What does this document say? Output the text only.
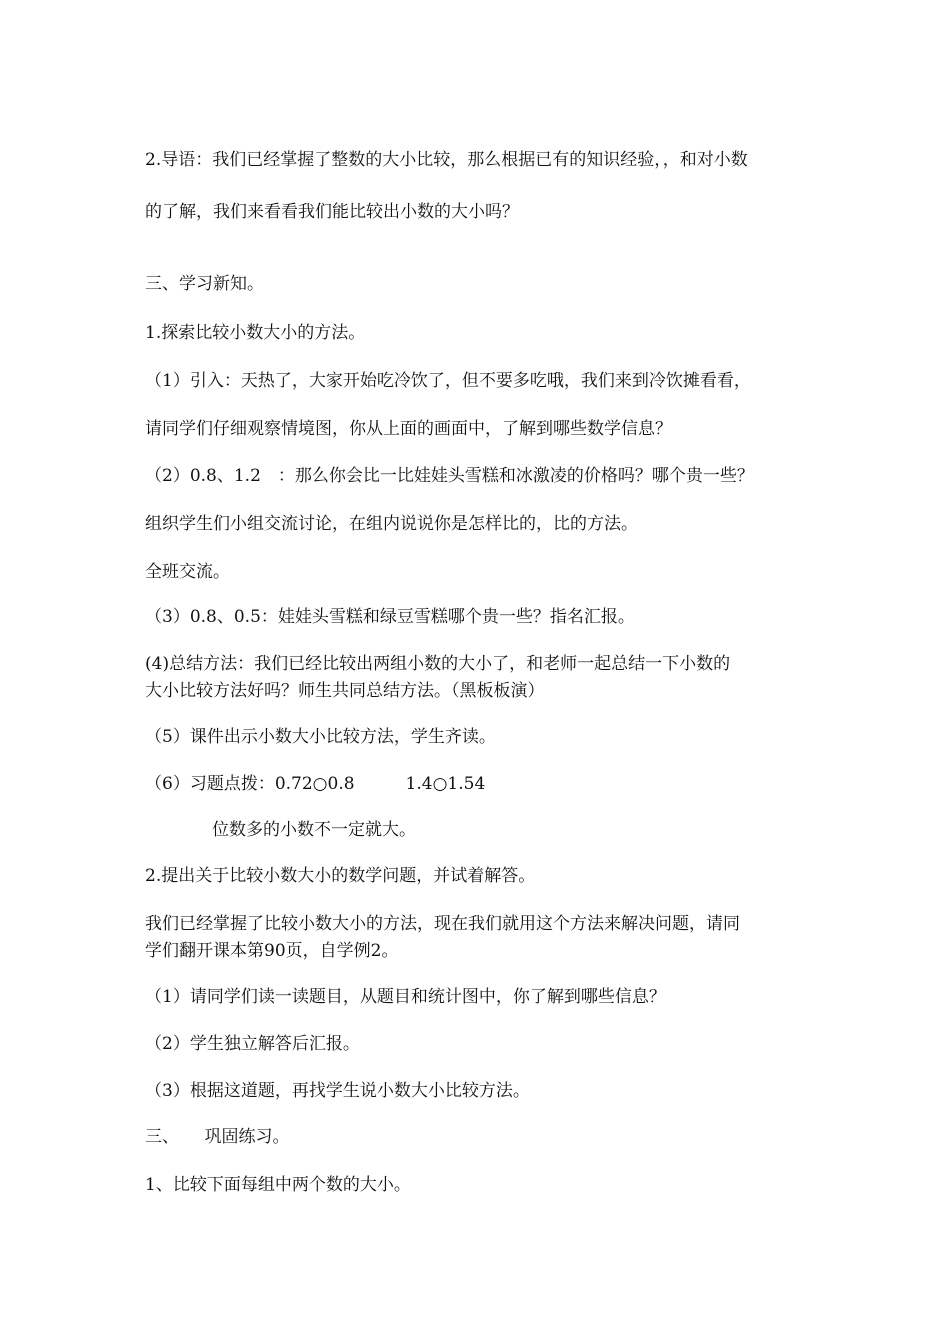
2.导语：我们已经掌握了整数的大小比较，那么根据已有的知识经验，，和对小数

的了解，我们来看看我们能比较出小数的大小吗？

三、学习新知。

1.探索比较小数大小的方法。

（1）引入：天热了，大家开始吃冷饮了，但不要多吃哦，我们来到冷饮摊看看，

请同学们仔细观察情境图，你从上面的画面中，了解到哪些数学信息？

（2）0.8、1.2　：那么你会比一比娃娃头雪糕和冰激凌的价格吗？哪个贵一些？

组织学生们小组交流讨论，在组内说说你是怎样比的，比的方法。

全班交流。

（3）0.8、0.5：娃娃头雪糕和绿豆雪糕哪个贵一些？指名汇报。

(4)总结方法：我们已经比较出两组小数的大小了，和老师一起总结一下小数的

大小比较方法好吗？师生共同总结方法。（黑板板演）

（5）课件出示小数大小比较方法，学生齐读。

（6）习题点拨：0.72○0.8　　　1.4○1.54

位数多的小数不一定就大。

2.提出关于比较小数大小的数学问题，并试着解答。

我们已经掌握了比较小数大小的方法，现在我们就用这个方法来解决问题，请同

学们翻开课本第90页，自学例2。

（1）请同学们读一读题目，从题目和统计图中，你了解到哪些信息？

（2）学生独立解答后汇报。

（3）根据这道题，再找学生说小数大小比较方法。

三、　　巩固练习。

1、比较下面每组中两个数的大小。
